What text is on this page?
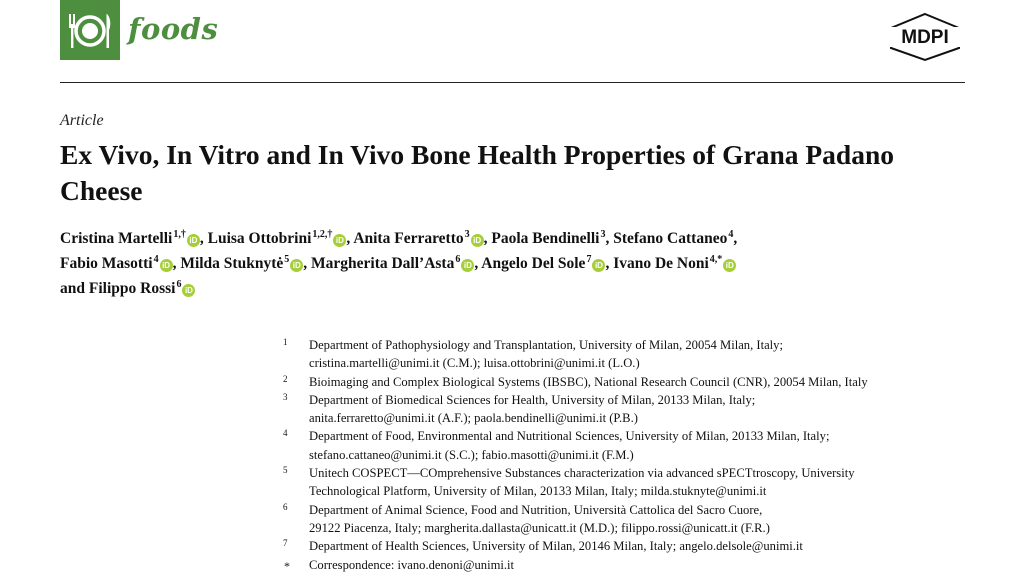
foods	MDPI
Article
Ex Vivo, In Vitro and In Vivo Bone Health Properties of Grana Padano Cheese
Cristina Martelli$^{1,\dagger}$iD , Luisa Ottobrini$^{1,2,\dagger}$iD , Anita Ferraretto$^3$iD , Paola Bendinelli$^3$, Stefano Cattaneo$^4$,
Fabio Masotti$^4$iD , Milda Stuknytė$^5$iD , Margherita Dall’Asta$^6$iD , Angelo Del Sole$^7$iD , Ivano De Noni$^{4,*}$iD
and Filippo Rossi$^6$iD
1 Department of Pathophysiology and Transplantation, University of Milan, 20054 Milan, Italy;
cristina.martelli@unimi.it (C.M.); luisa.ottobrini@unimi.it (L.O.)
2 Bioimaging and Complex Biological Systems (IBSBC), National Research Council (CNR), 20054 Milan, Italy
3 Department of Biomedical Sciences for Health, University of Milan, 20133 Milan, Italy;
anita.ferraretto@unimi.it (A.F.); paola.bendinelli@unimi.it (P.B.)
4 Department of Food, Environmental and Nutritional Sciences, University of Milan, 20133 Milan, Italy;
stefano.cattaneo@unimi.it (S.C.); fabio.masotti@unimi.it (F.M.)
5 Unitech COSPECT—COmprehensive Substances characterization via advanced sPECTtroscopy, University
Technological Platform, University of Milan, 20133 Milan, Italy; milda.stuknyte@unimi.it
6 Department of Animal Science, Food and Nutrition, Università Cattolica del Sacro Cuore,
29122 Piacenza, Italy; margherita.dallasta@unicatt.it (M.D.); filippo.rossi@unicatt.it (F.R.)
7 Department of Health Sciences, University of Milan, 20146 Milan, Italy; angelo.delsole@unimi.it
* Correspondence: ivano.denoni@unimi.it
